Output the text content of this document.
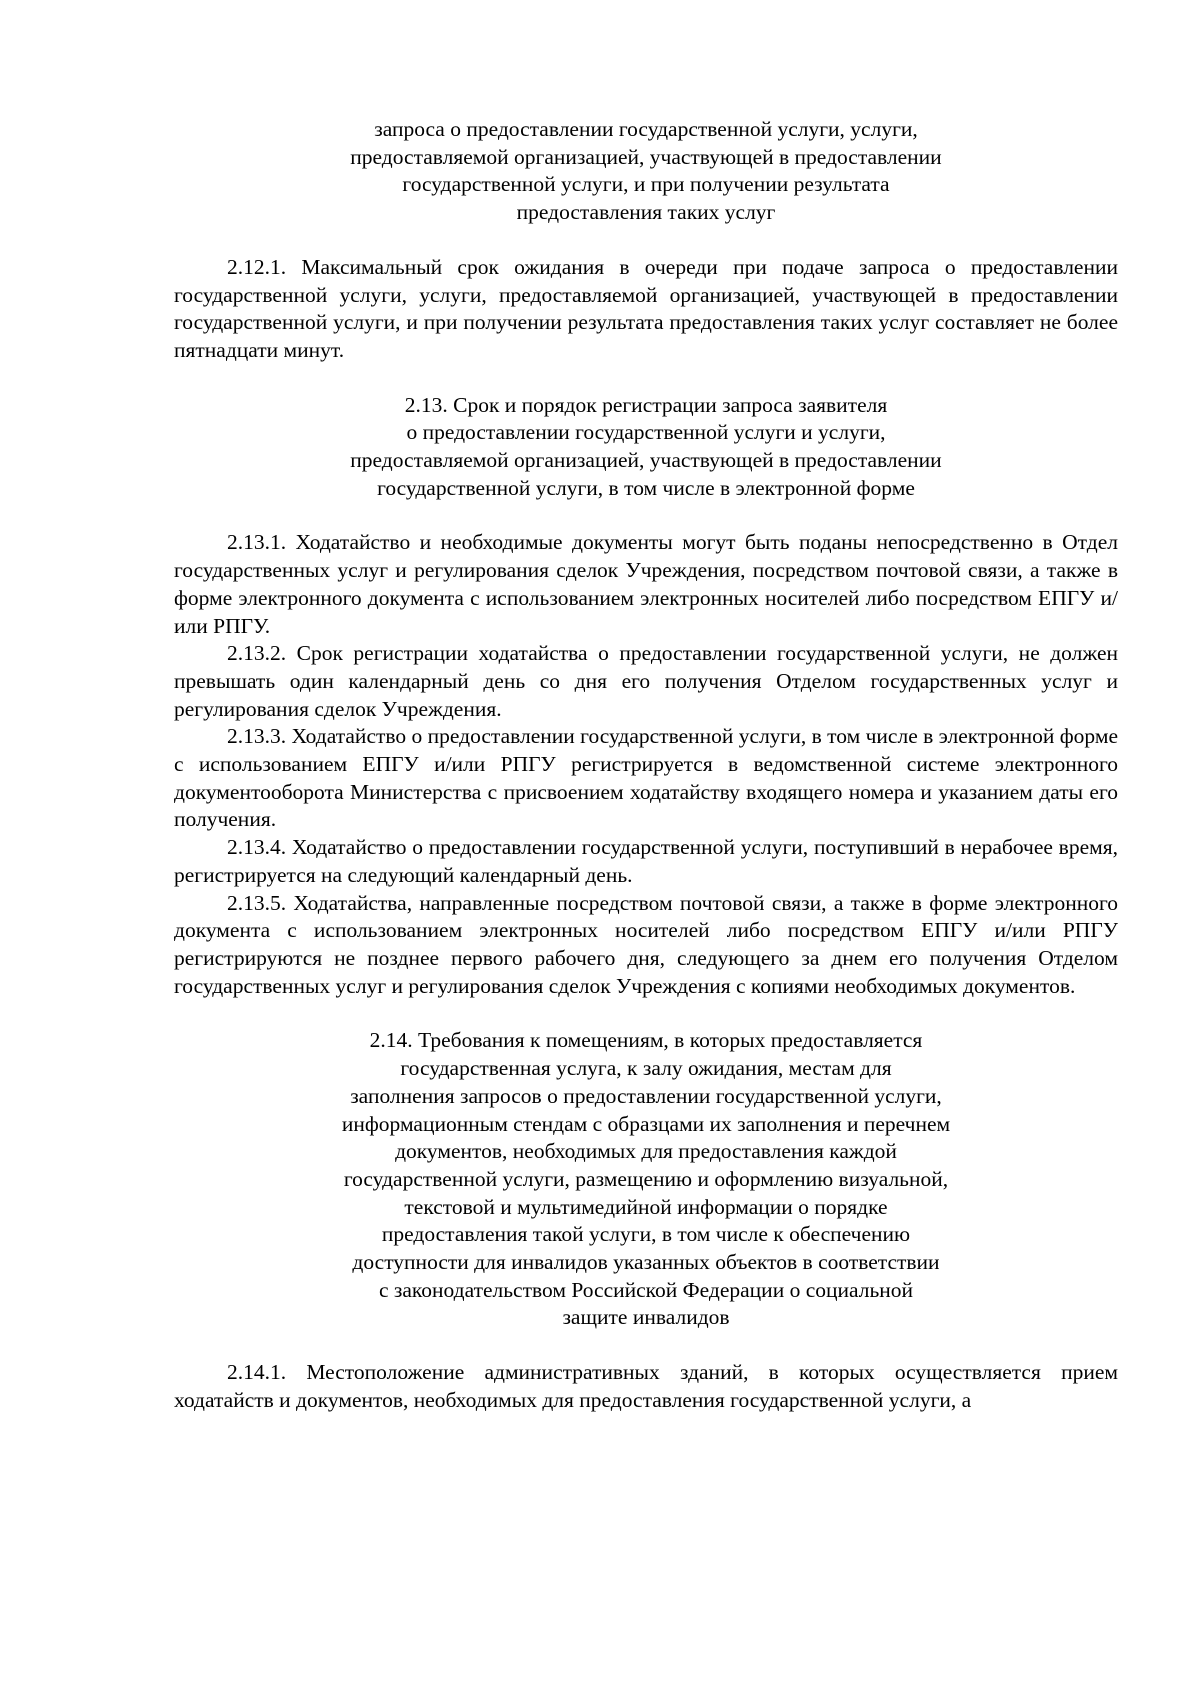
запроса о предоставлении государственной услуги, услуги,
предоставляемой организацией, участвующей в предоставлении
государственной услуги, и при получении результата
предоставления таких услуг

2.12.1. Максимальный срок ожидания в очереди при подаче запроса о предоставлении государственной услуги, услуги, предоставляемой организацией, участвующей в предоставлении государственной услуги, и при получении результата предоставления таких услуг составляет не более пятнадцати минут.

2.13. Срок и порядок регистрации запроса заявителя
о предоставлении государственной услуги и услуги,
предоставляемой организацией, участвующей в предоставлении
государственной услуги, в том числе в электронной форме

2.13.1. Ходатайство и необходимые документы могут быть поданы непосредственно в Отдел государственных услуг и регулирования сделок Учреждения, посредством почтовой связи, а также в форме электронного документа с использованием электронных носителей либо посредством ЕПГУ и/или РПГУ.

2.13.2. Срок регистрации ходатайства о предоставлении государственной услуги, не должен превышать один календарный день со дня его получения Отделом государственных услуг и регулирования сделок Учреждения.

2.13.3. Ходатайство о предоставлении государственной услуги, в том числе в электронной форме с использованием ЕПГУ и/или РПГУ регистрируется в ведомственной системе электронного документооборота Министерства с присвоением ходатайству входящего номера и указанием даты его получения.

2.13.4. Ходатайство о предоставлении государственной услуги, поступивший в нерабочее время, регистрируется на следующий календарный день.

2.13.5. Ходатайства, направленные посредством почтовой связи, а также в форме электронного документа с использованием электронных носителей либо посредством ЕПГУ и/или РПГУ регистрируются не позднее первого рабочего дня, следующего за днем его получения Отделом государственных услуг и регулирования сделок Учреждения с копиями необходимых документов.

2.14. Требования к помещениям, в которых предоставляется
государственная услуга, к залу ожидания, местам для
заполнения запросов о предоставлении государственной услуги,
информационным стендам с образцами их заполнения и перечнем
документов, необходимых для предоставления каждой
государственной услуги, размещению и оформлению визуальной,
текстовой и мультимедийной информации о порядке
предоставления такой услуги, в том числе к обеспечению
доступности для инвалидов указанных объектов в соответствии
с законодательством Российской Федерации о социальной
защите инвалидов

2.14.1. Местоположение административных зданий, в которых осуществляется прием ходатайств и документов, необходимых для предоставления государственной услуги, а
